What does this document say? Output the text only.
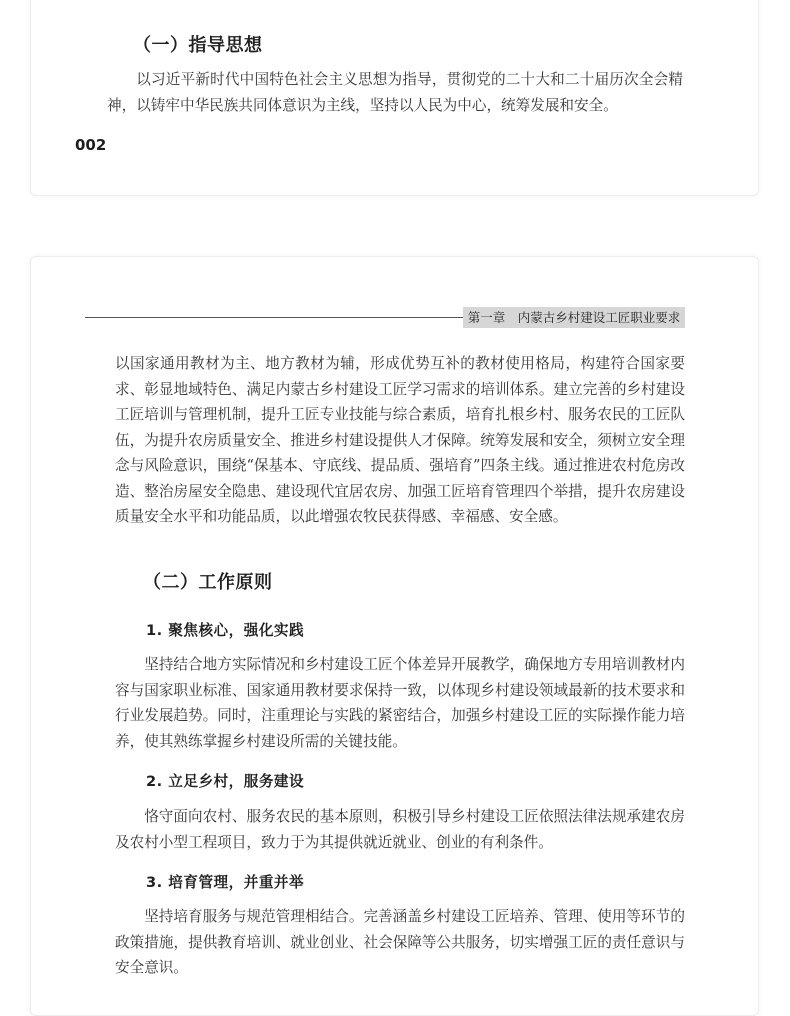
（一）指导思想

以习近平新时代中国特色社会主义思想为指导，贯彻党的二十大和二十届历次全会精神，以铸牢中华民族共同体意识为主线，坚持以人民为中心，统筹发展和安全。

002
第一章　内蒙古乡村建设工匠职业要求

以国家通用教材为主、地方教材为辅，形成优势互补的教材使用格局，构建符合国家要求、彰显地域特色、满足内蒙古乡村建设工匠学习需求的培训体系。建立完善的乡村建设工匠培训与管理机制，提升工匠专业技能与综合素质，培育扎根乡村、服务农民的工匠队伍，为提升农房质量安全、推进乡村建设提供人才保障。统筹发展和安全，须树立安全理念与风险意识，围绕“保基本、守底线、提品质、强培育”四条主线。通过推进农村危房改造、整治房屋安全隐患、建设现代宜居农房、加强工匠培育管理四个举措，提升农房建设质量安全水平和功能品质，以此增强农牧民获得感、幸福感、安全感。

（二）工作原则
1. 聚焦核心，强化实践

坚持结合地方实际情况和乡村建设工匠个体差异开展教学，确保地方专用培训教材内容与国家职业标准、国家通用教材要求保持一致，以体现乡村建设领域最新的技术要求和行业发展趋势。同时，注重理论与实践的紧密结合，加强乡村建设工匠的实际操作能力培养，使其熟练掌握乡村建设所需的关键技能。

2. 立足乡村，服务建设

恪守面向农村、服务农民的基本原则，积极引导乡村建设工匠依照法律法规承建农房及农村小型工程项目，致力于为其提供就近就业、创业的有利条件。

3. 培育管理，并重并举

坚持培育服务与规范管理相结合。完善涵盖乡村建设工匠培养、管理、使用等环节的政策措施，提供教育培训、就业创业、社会保障等公共服务，切实增强工匠的责任意识与安全意识。
